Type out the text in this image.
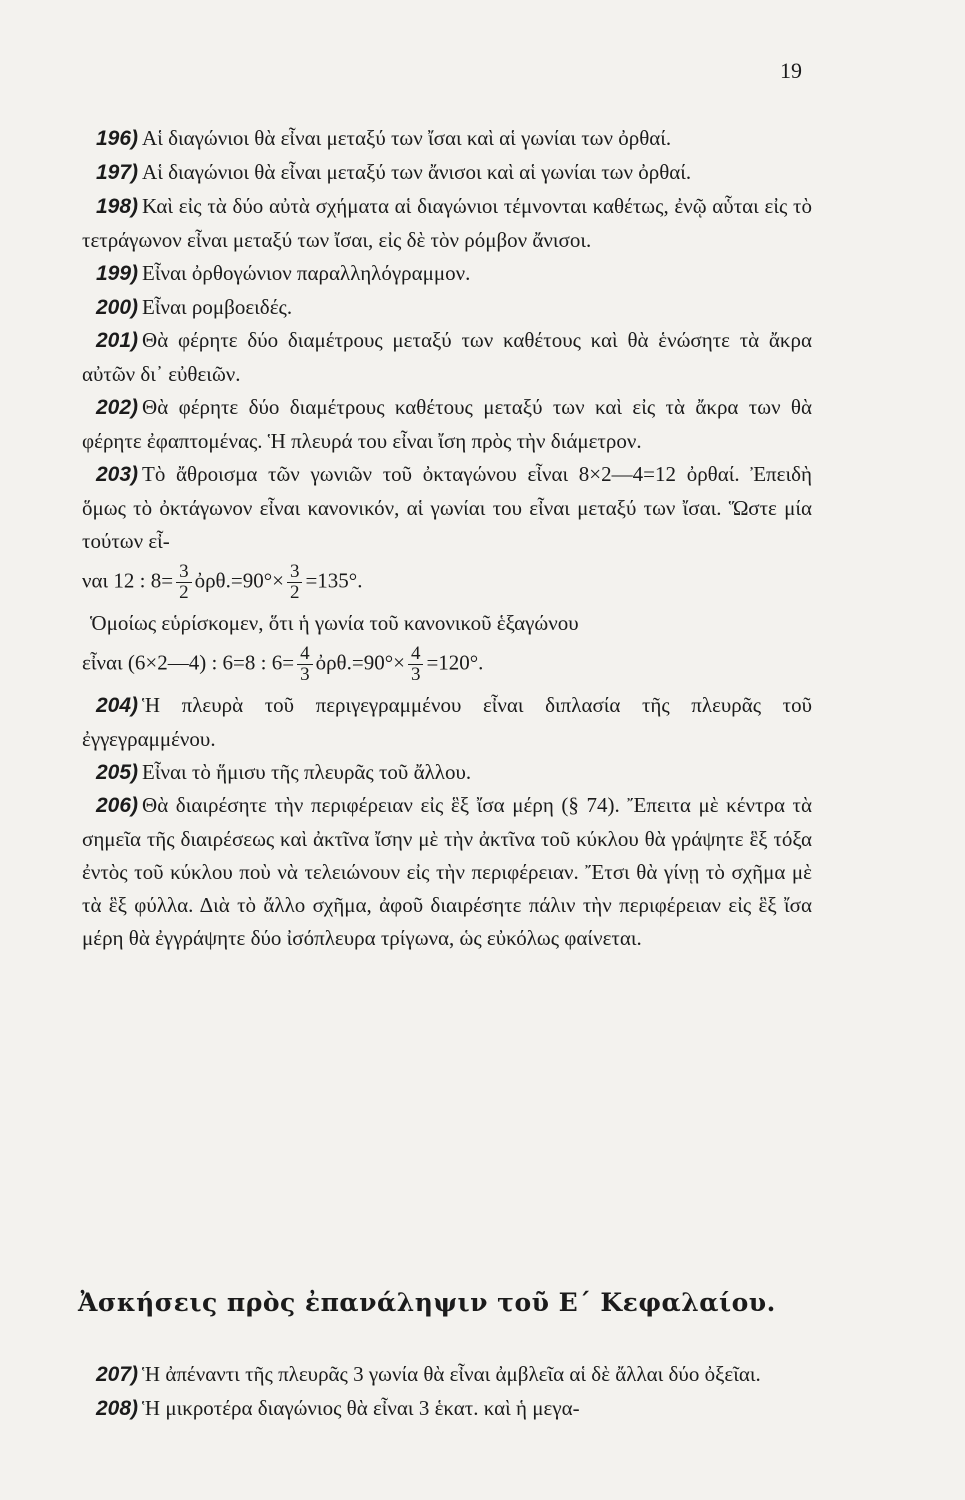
19

196) Αἱ διαγώνιοι θὰ εἶναι μεταξύ των ἴσαι καὶ αἱ γωνίαι των ὀρθαί.

197) Αἱ διαγώνιοι θὰ εἶναι μεταξύ των ἄνισοι καὶ αἱ γωνίαι των ὀρθαί.

198) Καὶ εἰς τὰ δύο αὐτὰ σχήματα αἱ διαγώνιοι τέμνονται καθέτως, ἐνῷ αὗται εἰς τὸ τετράγωνον εἶναι μεταξύ των ἴσαι, εἰς δὲ τὸν ρόμβον ἄνισοι.

199) Εἶναι ὀρθογώνιον παραλληλόγραμμον.

200) Εἶναι ρομβοειδές.

201) Θὰ φέρητε δύο διαμέτρους μεταξύ των καθέτους καὶ θὰ ἑνώσητε τὰ ἄκρα αὐτῶν δι᾽ εὐθειῶν.

202) Θὰ φέρητε δύο διαμέτρους καθέτους μεταξύ των καὶ εἰς τὰ ἄκρα των θὰ φέρητε ἐφαπτομένας. Ἡ πλευρά του εἶναι ἴση πρὸς τὴν διάμετρον.

203) Τὸ ἄθροισμα τῶν γωνιῶν τοῦ ὀκταγώνου εἶναι 8×2—4=12 ὀρθαί. Ἐπειδὴ ὅμως τὸ ὀκτάγωνον εἶναι κανονικόν, αἱ γωνίαι του εἶναι μεταξύ των ἴσαι. Ὥστε μία τούτων εἶ-

ναι 12 : $8= \frac{3}{2}$ ὀρθ.=90°× $\frac{3}{2} =135^\circ$.

Ὁμοίως εὑρίσκομεν, ὅτι ἡ γωνία τοῦ κανονικοῦ ἑξαγώνου

εἶναι (6×2—4) : 6=8 : $6= \frac{4}{3}$ ὀρθ.=90°× $\frac{4}{3} =120^\circ$.

204) Ἡ πλευρὰ τοῦ περιγεγραμμένου εἶναι διπλασία τῆς πλευρᾶς τοῦ ἐγγεγραμμένου.

205) Εἶναι τὸ ἥμισυ τῆς πλευρᾶς τοῦ ἄλλου.

206) Θὰ διαιρέσητε τὴν περιφέρειαν εἰς ἓξ ἴσα μέρη (§ 74). Ἔπειτα μὲ κέντρα τὰ σημεῖα τῆς διαιρέσεως καὶ ἀκτῖνα ἴσην μὲ τὴν ἀκτῖνα τοῦ κύκλου θὰ γράψητε ἓξ τόξα ἐντὸς τοῦ κύκλου ποὺ νὰ τελειώνουν εἰς τὴν περιφέρειαν. Ἔτσι θὰ γίνῃ τὸ σχῆμα μὲ τὰ ἓξ φύλλα. Διὰ τὸ ἄλλο σχῆμα, ἀφοῦ διαιρέσητε πάλιν τὴν περιφέρειαν εἰς ἓξ ἴσα μέρη θὰ ἐγγράψητε δύο ἰσόπλευρα τρίγωνα, ὡς εὐκόλως φαίνεται.

Ἀσκήσεις πρὸς ἐπανάληψιν τοῦ Ε΄ Κεφαλαίου.

207) Ἡ ἀπέναντι τῆς πλευρᾶς 3 γωνία θὰ εἶναι ἀμβλεῖα αἱ δὲ ἄλλαι δύο ὀξεῖαι.

208) Ἡ μικροτέρα διαγώνιος θὰ εἶναι 3 ἑκατ. καὶ ἡ μεγα-
